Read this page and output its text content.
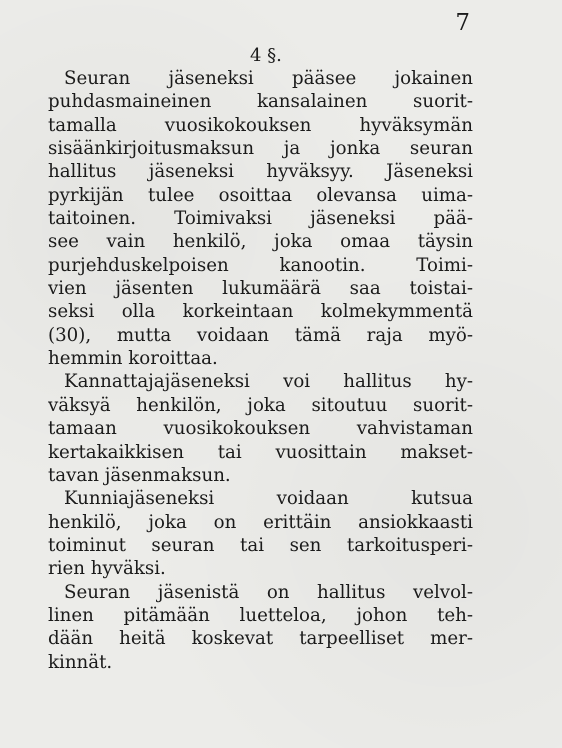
7
4 §.
Seuran jäseneksi pääsee jokainen
puhdasmaineinen kansalainen suorit-
tamalla vuosikokouksen hyväksymän
sisäänkirjoitusmaksun ja jonka seuran
hallitus jäseneksi hyväksyy. Jäseneksi
pyrkijän tulee osoittaa olevansa uima-
taitoinen. Toimivaksi jäseneksi pää-
see vain henkilö, joka omaa täysin
purjehduskelpoisen kanootin. Toimi-
vien jäsenten lukumäärä saa toistai-
seksi olla korkeintaan kolmekymmentä
(30), mutta voidaan tämä raja myö-
hemmin koroittaa.
Kannattajajäseneksi voi hallitus hy-
väksyä henkilön, joka sitoutuu suorit-
tamaan vuosikokouksen vahvistaman
kertakaikkisen tai vuosittain makset-
tavan jäsenmaksun.
Kunniajäseneksi voidaan kutsua
henkilö, joka on erittäin ansiokkaasti
toiminut seuran tai sen tarkoitusperi-
rien hyväksi.
Seuran jäsenistä on hallitus velvol-
linen pitämään luetteloa, johon teh-
dään heitä koskevat tarpeelliset mer-
kinnät.
